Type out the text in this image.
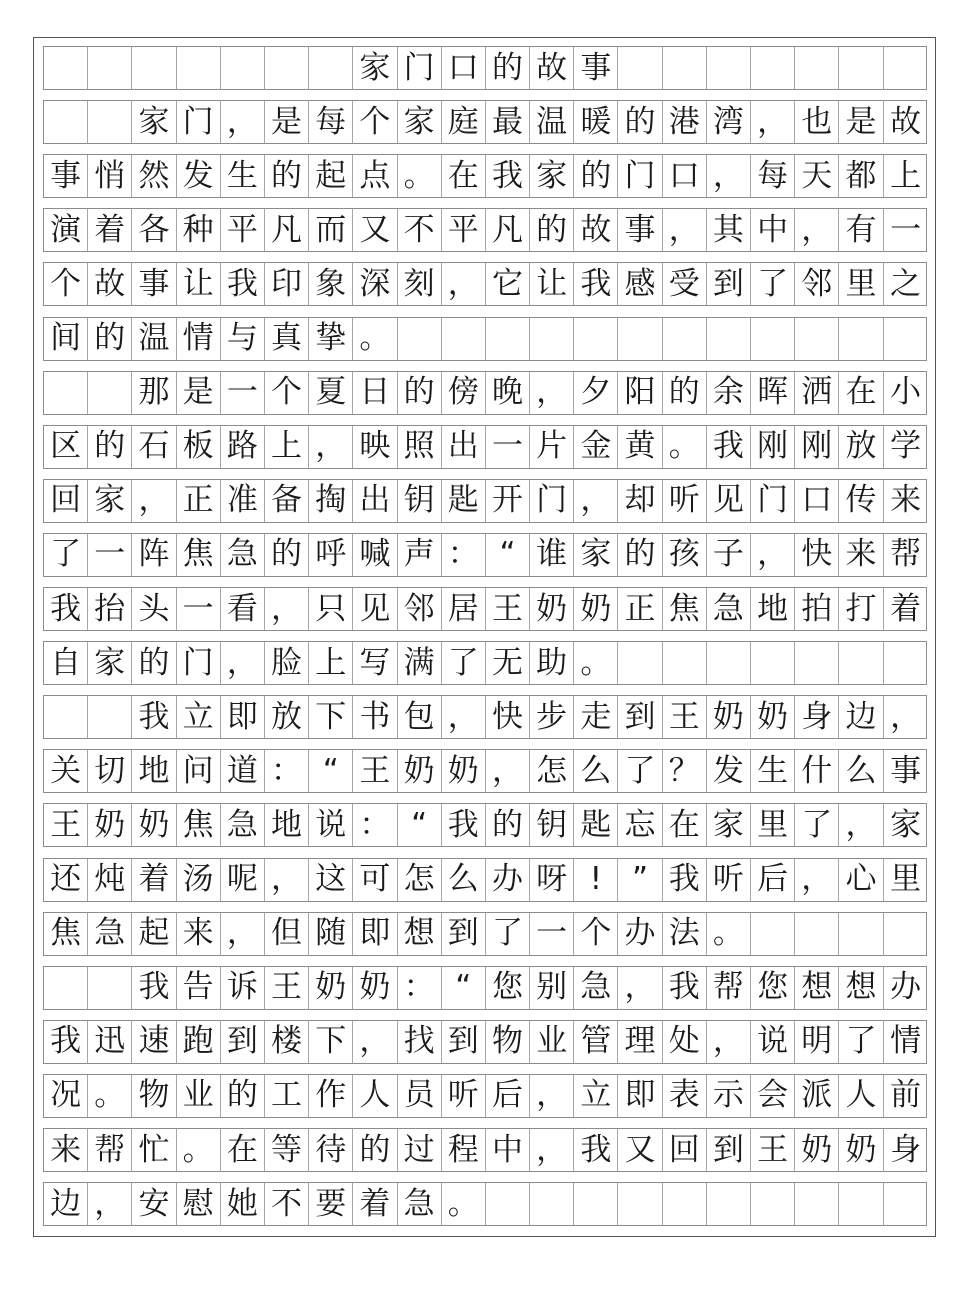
家 门 口 的 故 事
家 门 ， 是 每 个 家 庭 最 温 暖 的 港 湾 ， 也 是 故
事 悄 然 发 生 的 起 点 。 在 我 家 的 门 口 ， 每 天 都 上
演 着 各 种 平 凡 而 又 不 平 凡 的 故 事 ， 其 中 ， 有 一
个 故 事 让 我 印 象 深 刻 ， 它 让 我 感 受 到 了 邻 里 之
间 的 温 情 与 真 挚 。
那 是 一 个 夏 日 的 傍 晚 ， 夕 阳 的 余 晖 洒 在 小
区 的 石 板 路 上 ， 映 照 出 一 片 金 黄 。 我 刚 刚 放 学
回 家 ， 正 准 备 掏 出 钥 匙 开 门 ， 却 听 见 门 口 传 来
了 一 阵 焦 急 的 呼 喊 声 ： “ 谁 家 的 孩 子 ， 快 来 帮
我 抬 头 一 看 ， 只 见 邻 居 王 奶 奶 正 焦 急 地 拍 打 着
自 家 的 门 ， 脸 上 写 满 了 无 助 。
我 立 即 放 下 书 包 ， 快 步 走 到 王 奶 奶 身 边 ，
关 切 地 问 道 ： “ 王 奶 奶 ， 怎 么 了 ？ 发 生 什 么 事
王 奶 奶 焦 急 地 说 ： “ 我 的 钥 匙 忘 在 家 里 了 ， 家
还 炖 着 汤 呢 ， 这 可 怎 么 办 呀 ! ” 我 听 后 ， 心 里
焦 急 起 来 ， 但 随 即 想 到 了 一 个 办 法 。
我 告 诉 王 奶 奶 ： “ 您 别 急 ， 我 帮 您 想 想 办
我 迅 速 跑 到 楼 下 ， 找 到 物 业 管 理 处 ， 说 明 了 情
况 。 物 业 的 工 作 人 员 听 后 ， 立 即 表 示 会 派 人 前
来 帮 忙 。 在 等 待 的 过 程 中 ， 我 又 回 到 王 奶 奶 身
边 ， 安 慰 她 不 要 着 急 。
